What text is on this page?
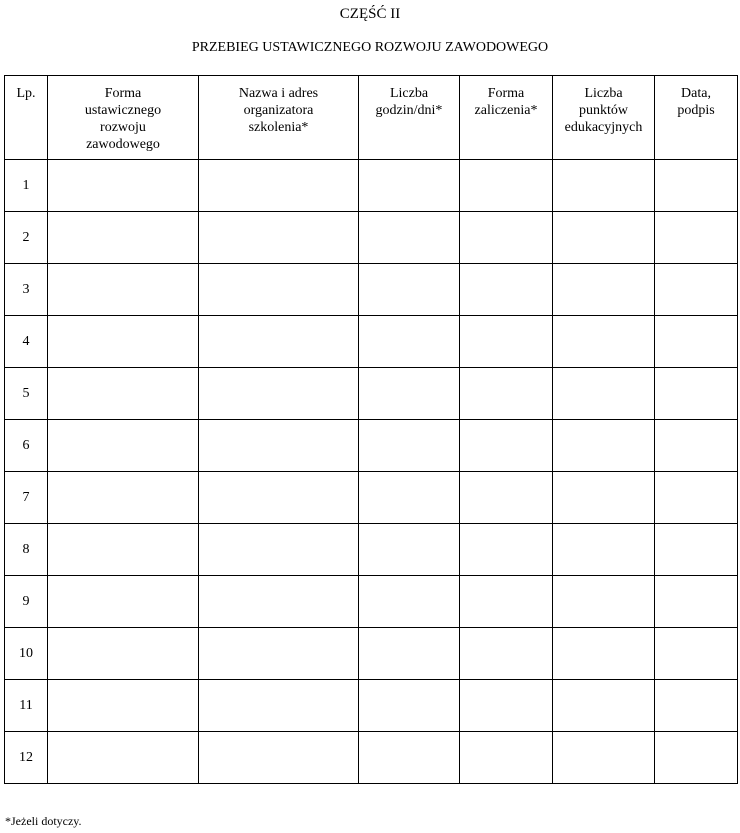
CZĘŚĆ II
PRZEBIEG USTAWICZNEGO ROZWOJU ZAWODOWEGO
Lp.	Forma ustawicznego rozwoju zawodowego	Nazwa i adres organizatora szkolenia*	Liczba godzin/dni*	Forma zaliczenia*	Liczba punktów edukacyjnych	Data, podpis
1						
2						
3						
4						
5						
6						
7						
8						
9						
10						
11						
12						
*Jeżeli dotyczy.
